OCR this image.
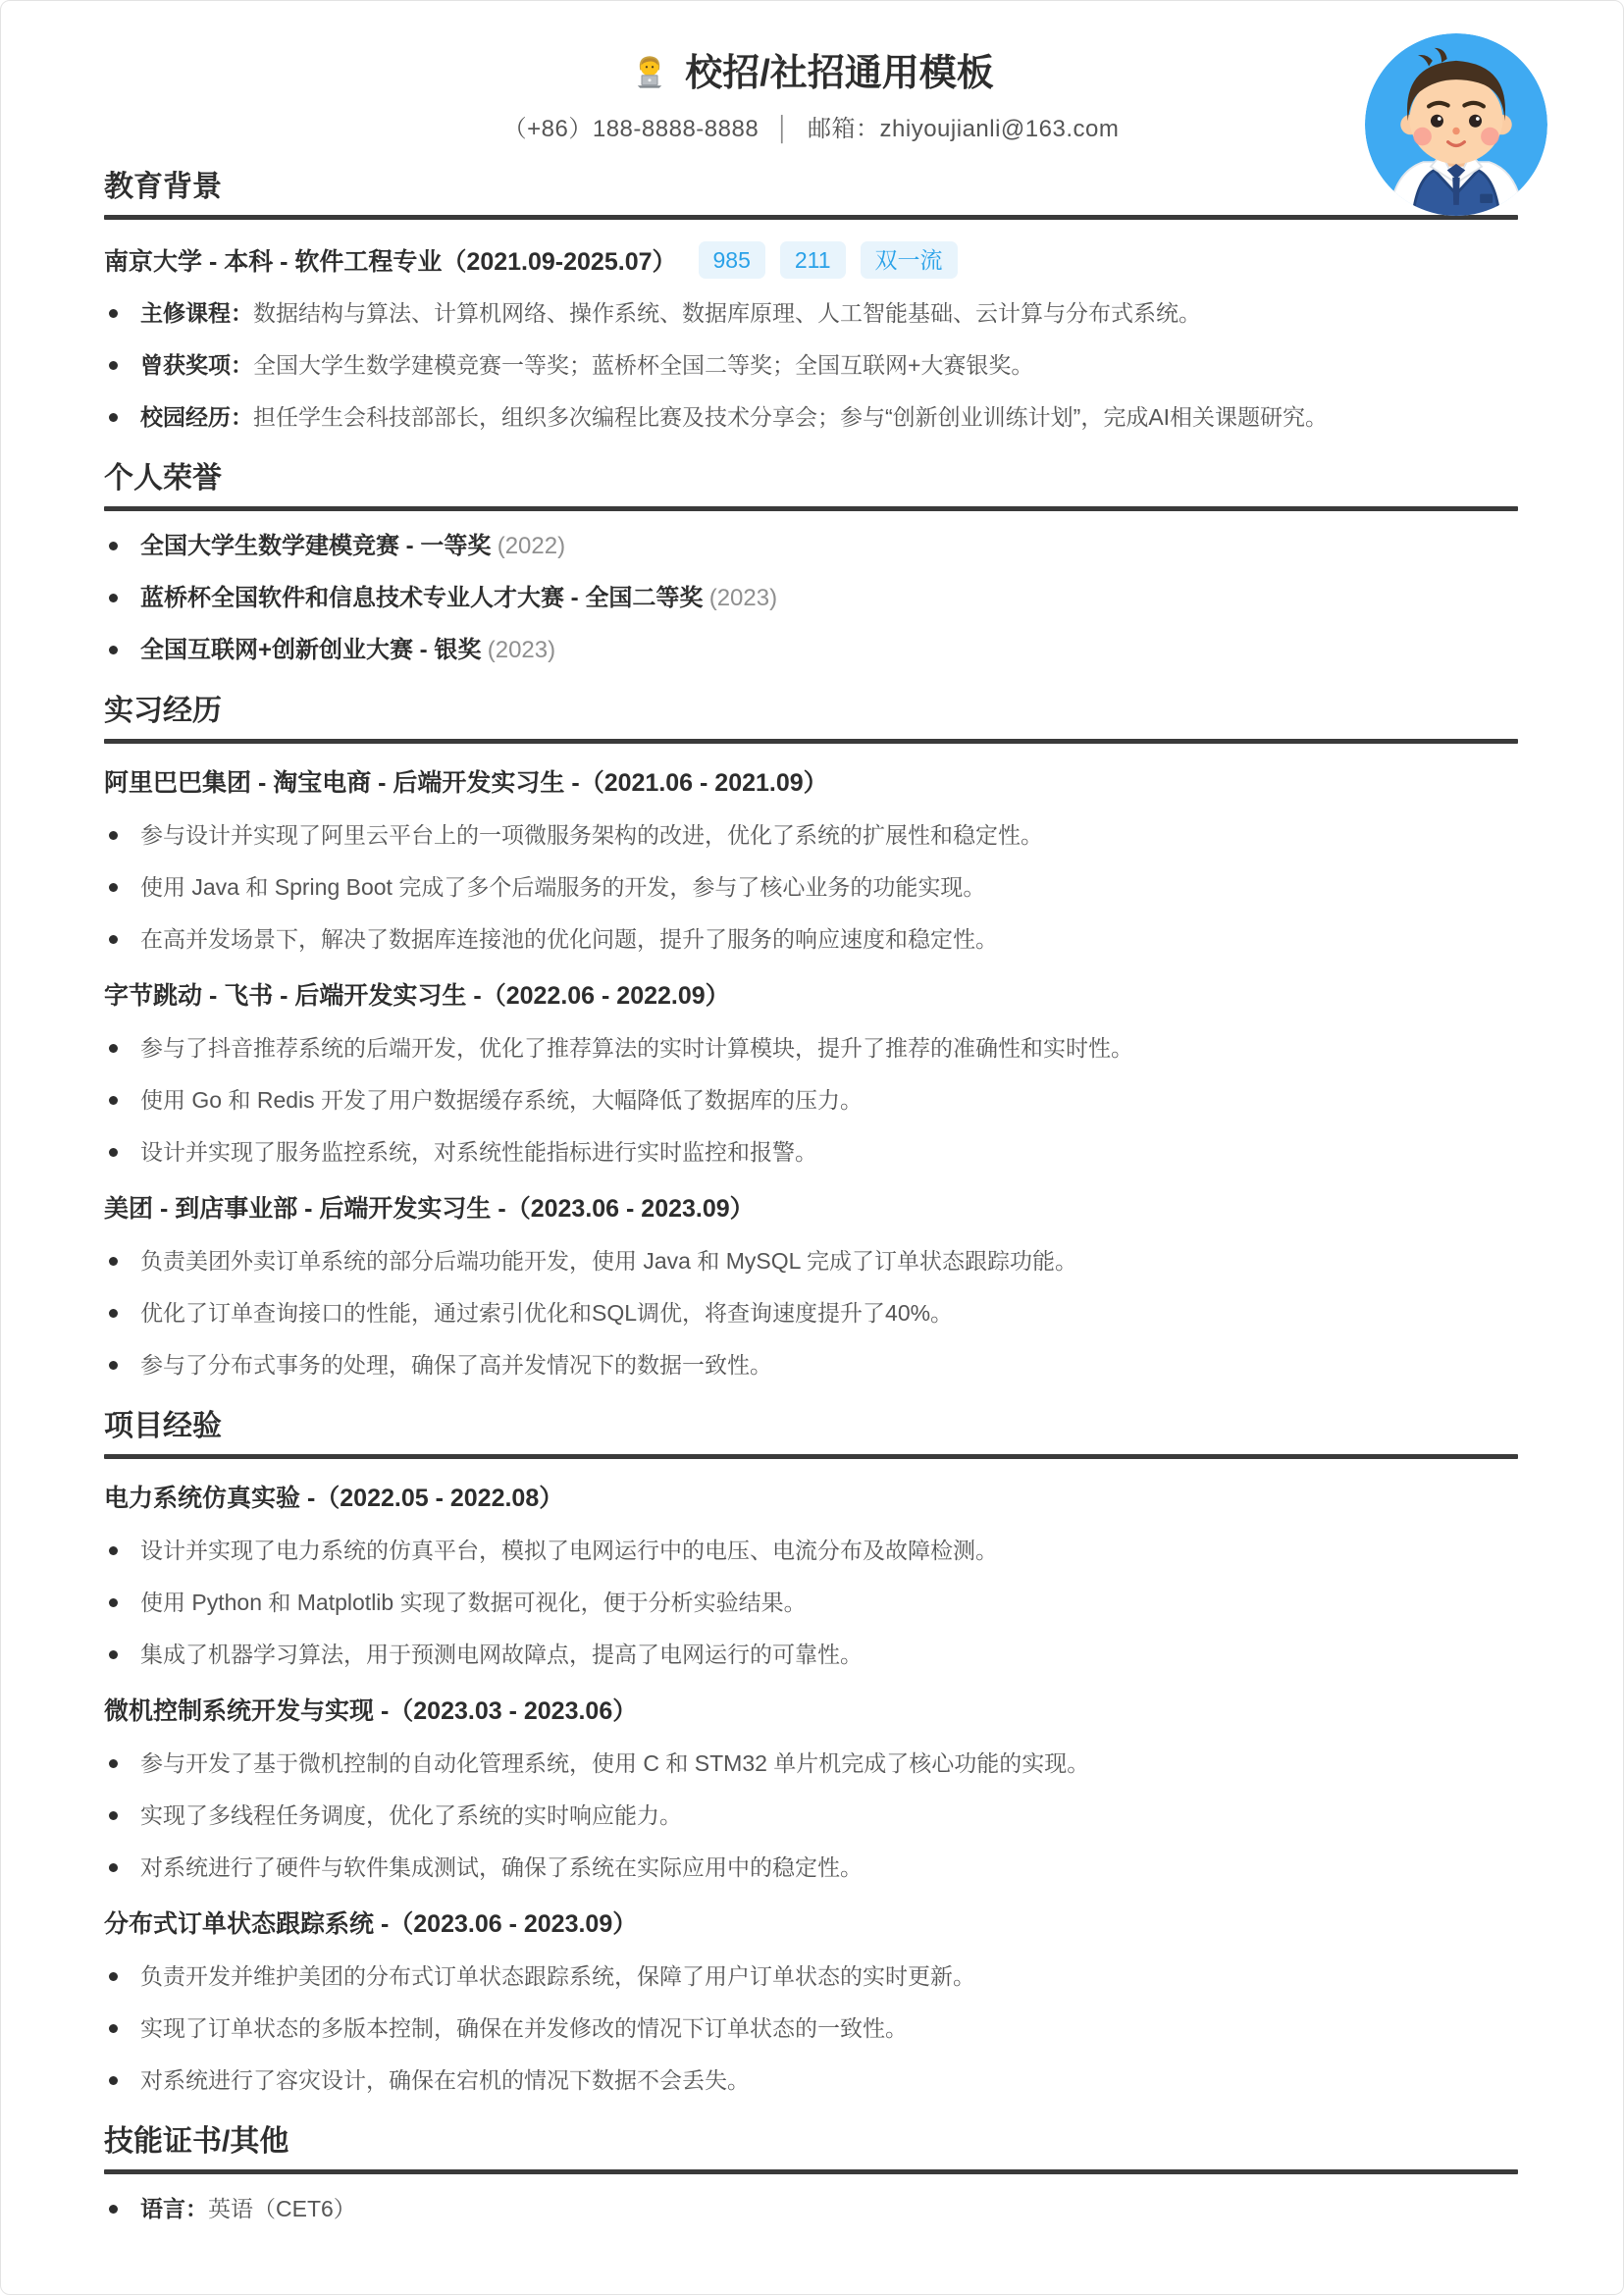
校招/社招通用模板
（+86）188-8888-8888 │ 邮箱：zhiyoujianli@163.com
教育背景
南京大学 - 本科 - 软件工程专业（2021.09-2025.07）	985	211	双一流
主修课程：数据结构与算法、计算机网络、操作系统、数据库原理、人工智能基础、云计算与分布式系统。
曾获奖项：全国大学生数学建模竞赛一等奖；蓝桥杯全国二等奖；全国互联网+大赛银奖。
校园经历：担任学生会科技部部长，组织多次编程比赛及技术分享会；参与“创新创业训练计划”，完成AI相关课题研究。
个人荣誉
全国大学生数学建模竞赛 - 一等奖 (2022)
蓝桥杯全国软件和信息技术专业人才大赛 - 全国二等奖 (2023)
全国互联网+创新创业大赛 - 银奖 (2023)
实习经历
阿里巴巴集团 - 淘宝电商 - 后端开发实习生 -（2021.06 - 2021.09）
参与设计并实现了阿里云平台上的一项微服务架构的改进，优化了系统的扩展性和稳定性。
使用 Java 和 Spring Boot 完成了多个后端服务的开发，参与了核心业务的功能实现。
在高并发场景下，解决了数据库连接池的优化问题，提升了服务的响应速度和稳定性。
字节跳动 - 飞书 - 后端开发实习生 -（2022.06 - 2022.09）
参与了抖音推荐系统的后端开发，优化了推荐算法的实时计算模块，提升了推荐的准确性和实时性。
使用 Go 和 Redis 开发了用户数据缓存系统，大幅降低了数据库的压力。
设计并实现了服务监控系统，对系统性能指标进行实时监控和报警。
美团 - 到店事业部 - 后端开发实习生 -（2023.06 - 2023.09）
负责美团外卖订单系统的部分后端功能开发，使用 Java 和 MySQL 完成了订单状态跟踪功能。
优化了订单查询接口的性能，通过索引优化和SQL调优，将查询速度提升了40%。
参与了分布式事务的处理，确保了高并发情况下的数据一致性。
项目经验
电力系统仿真实验 -（2022.05 - 2022.08）
设计并实现了电力系统的仿真平台，模拟了电网运行中的电压、电流分布及故障检测。
使用 Python 和 Matplotlib 实现了数据可视化，便于分析实验结果。
集成了机器学习算法，用于预测电网故障点，提高了电网运行的可靠性。
微机控制系统开发与实现 -（2023.03 - 2023.06）
参与开发了基于微机控制的自动化管理系统，使用 C 和 STM32 单片机完成了核心功能的实现。
实现了多线程任务调度，优化了系统的实时响应能力。
对系统进行了硬件与软件集成测试，确保了系统在实际应用中的稳定性。
分布式订单状态跟踪系统 -（2023.06 - 2023.09）
负责开发并维护美团的分布式订单状态跟踪系统，保障了用户订单状态的实时更新。
实现了订单状态的多版本控制，确保在并发修改的情况下订单状态的一致性。
对系统进行了容灾设计，确保在宕机的情况下数据不会丢失。
技能证书/其他
语言：英语（CET6）
